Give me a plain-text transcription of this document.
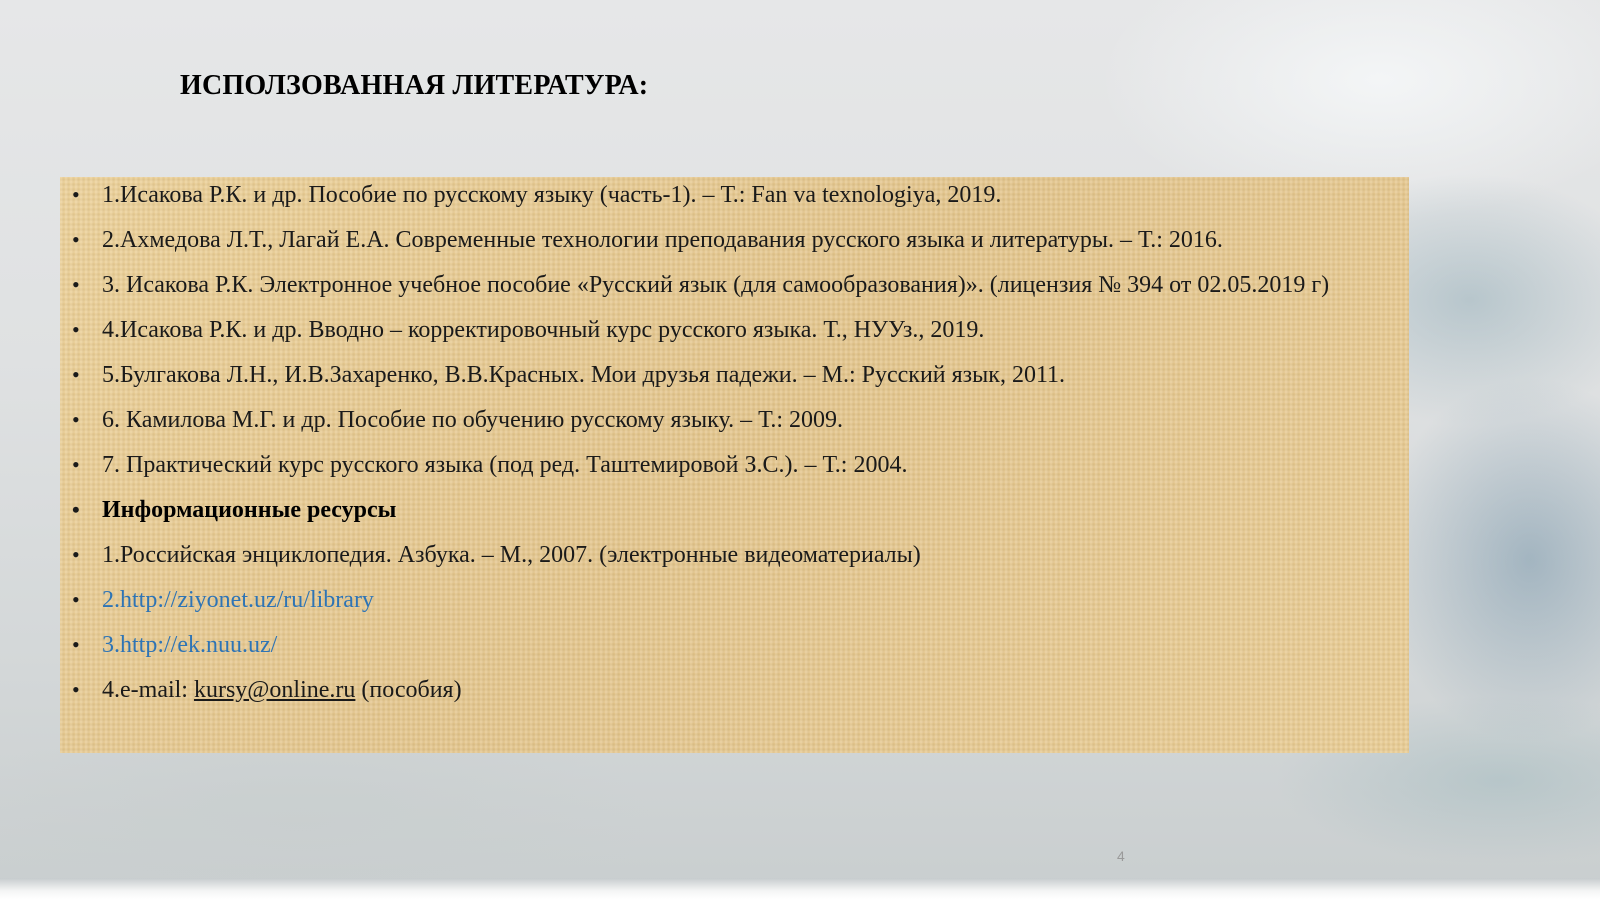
ИСПОЛЗОВАННАЯ ЛИТЕРАТУРА:
• 1.Исакова Р.К. и др. Пособие по русскому языку (часть-1). – Т.: Fan va texnologiya, 2019.
• 2.Ахмедова Л.Т., Лагай Е.А. Современные технологии преподавания русского языка и литературы. – Т.: 2016.
• 3. Исакова Р.К. Электронное учебное пособие «Русский язык (для самообразования)». (лицензия № 394 от 02.05.2019 г)
• 4.Исакова Р.К. и др. Вводно – корректировочный курс русского языка. Т., НУУз., 2019.
• 5.Булгакова Л.Н., И.В.Захаренко, В.В.Красных. Мои друзья падежи. – М.: Русский язык, 2011.
• 6. Камилова М.Г. и др. Пособие по обучению русскому языку. – Т.: 2009.
• 7. Практический курс русского языка (под ред. Таштемировой З.С.). – Т.: 2004.
• Информационные ресурсы
• 1.Российская энциклопедия. Азбука. – М., 2007. (электронные видеоматериалы)
• 2.http://ziyonet.uz/ru/library
• 3.http://ek.nuu.uz/
• 4.e-mail: kursy@online.ru (пособия)
4
